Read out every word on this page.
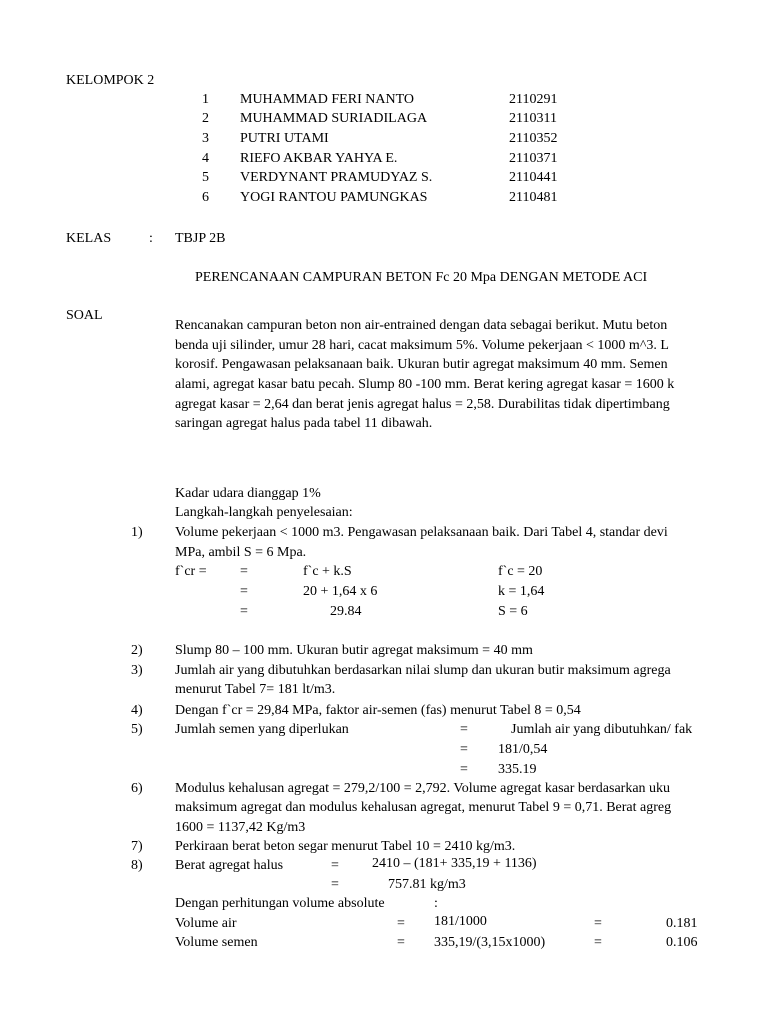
KELOMPOK 2
1 MUHAMMAD FERI NANTO	2110291
2 MUHAMMAD SURIADILAGA	2110311
3 PUTRI UTAMI	2110352
4 RIEFO AKBAR YAHYA E.	2110371
5 VERDYNANT PRAMUDYAZ S.	2110441
6 YOGI RANTOU PAMUNGKAS	2110481
KELAS	: TBJP 2B
PERENCANAAN CAMPURAN BETON Fc 20 Mpa DENGAN METODE ACI
SOAL
Rencanakan campuran beton non air-entrained dengan data sebagai berikut. Mutu beton
benda uji silinder, umur 28 hari, cacat maksimum 5%. Volume pekerjaan < 1000 m^3. L
korosif. Pengawasan pelaksanaan baik. Ukuran butir agregat maksimum 40 mm. Semen
alami, agregat kasar batu pecah. Slump 80 -100 mm. Berat kering agregat kasar = 1600 k
agregat kasar = 2,64 dan berat jenis agregat halus = 2,58. Durabilitas tidak dipertimbang
saringan agregat halus pada tabel 11 dibawah.
Kadar udara dianggap 1%
Langkah-langkah penyelesaian:
1) Volume pekerjaan < 1000 m3. Pengawasan pelaksanaan baik. Dari Tabel 4, standar devi
MPa, ambil S = 6 Mpa.
f`cr = =	f`c + k.S	f`c = 20
=	20 + 1,64 x 6	k = 1,64
=	29.84	S = 6
2) Slump 80 – 100 mm. Ukuran butir agregat maksimum = 40 mm
3) Jumlah air yang dibutuhkan berdasarkan nilai slump dan ukuran butir maksimum agrega
menurut Tabel 7= 181 lt/m3.
4) Dengan f`cr = 29,84 MPa, faktor air-semen (fas) menurut Tabel 8 = 0,54
5) Jumlah semen yang diperlukan	=	Jumlah air yang dibutuhkan/ fak
= 181/0,54
= 335.19
6) Modulus kehalusan agregat = 279,2/100 = 2,792. Volume agregat kasar berdasarkan uku
maksimum agregat dan modulus kehalusan agregat, menurut Tabel 9 = 0,71. Berat agreg
1600 = 1137,42 Kg/m3
7) Perkiraan berat beton segar menurut Tabel 10 = 2410 kg/m3.
8) Berat agregat halus	= 2410 – (181+ 335,19 + 1136)
=	757.81 kg/m3
Dengan perhitungan volume absolute	:
Volume air	= 181/1000	=	0.181
Volume semen	= 335,19/(3,15x1000)	=	0.106
